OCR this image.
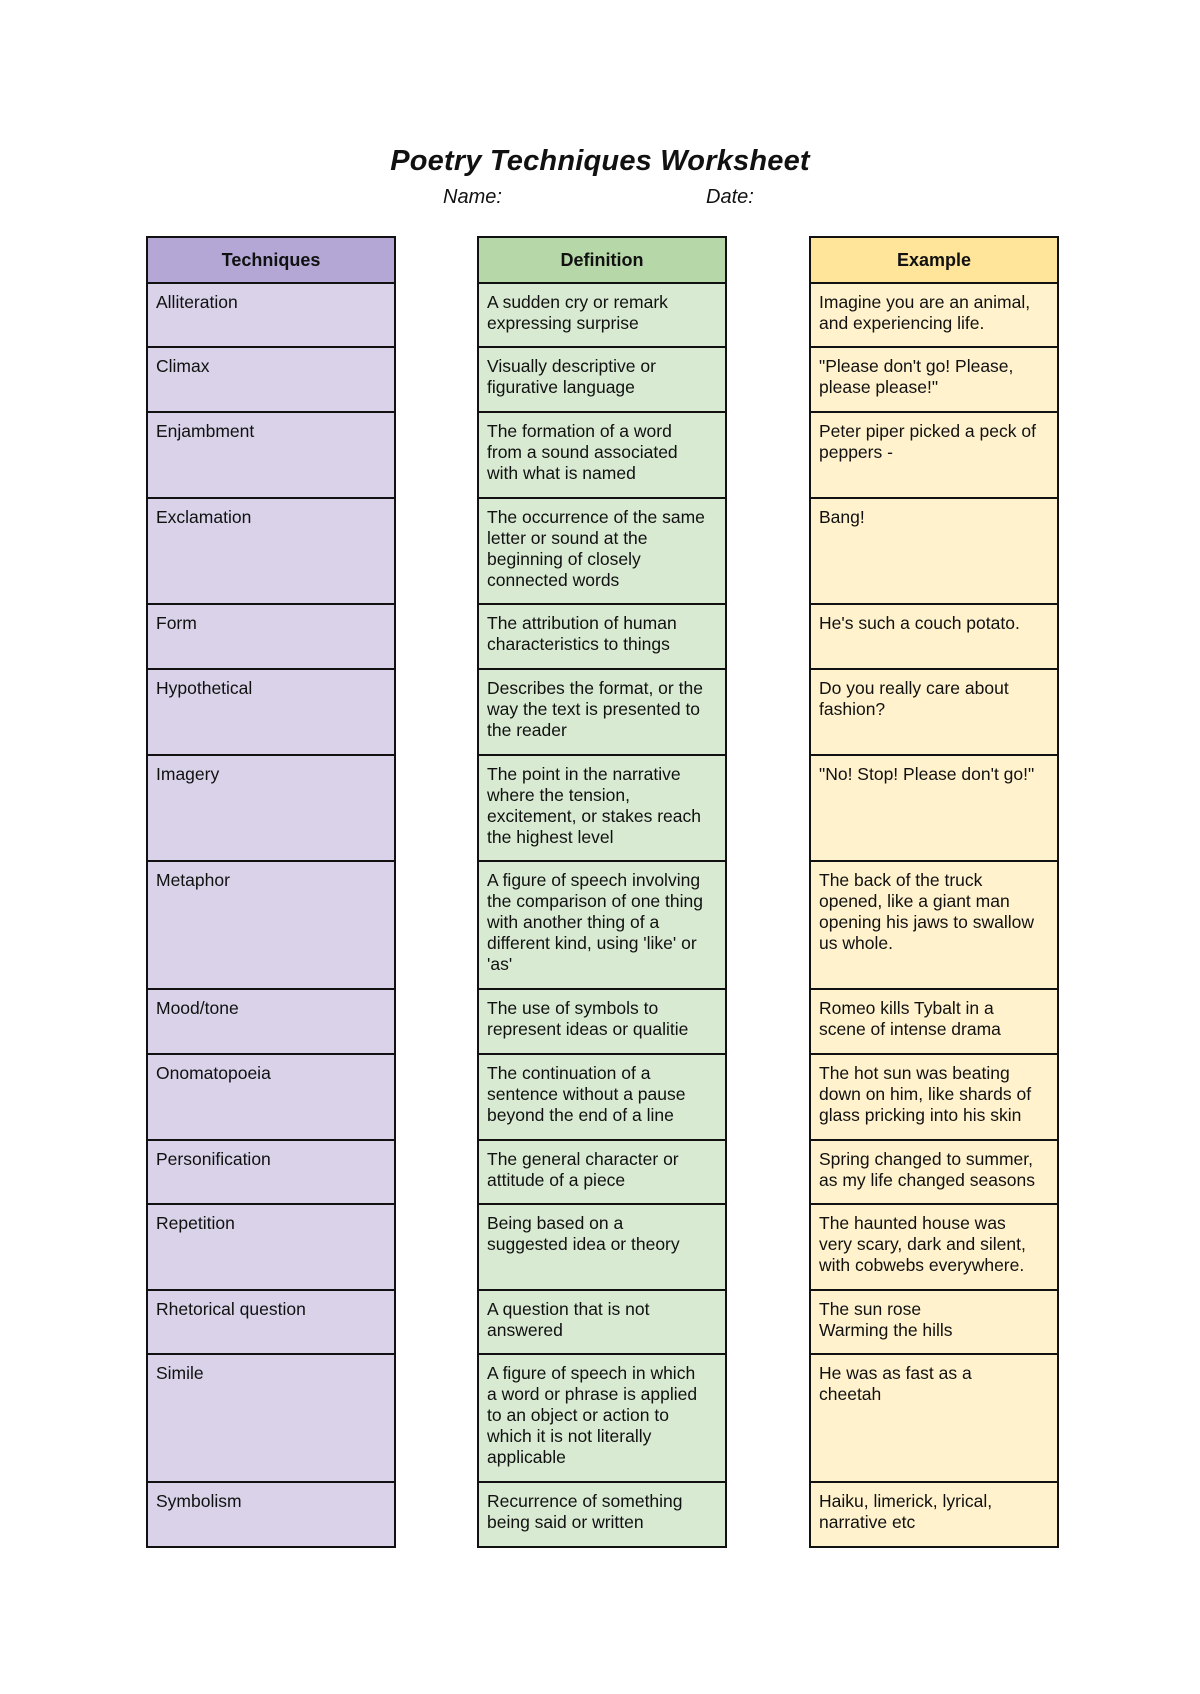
Poetry Techniques Worksheet
Name:	Date:
Techniques
Alliteration
Climax
Enjambment
Exclamation
Form
Hypothetical
Imagery
Metaphor
Mood/tone
Onomatopoeia
Personification
Repetition
Rhetorical question
Simile
Symbolism
Definition
A sudden cry or remark
expressing surprise
Visually descriptive or
figurative language
The formation of a word
from a sound associated
with what is named
The occurrence of the same
letter or sound at the
beginning of closely
connected words
The attribution of human
characteristics to things
Describes the format, or the
way the text is presented to
the reader
The point in the narrative
where the tension,
excitement, or stakes reach
the highest level
A figure of speech involving
the comparison of one thing
with another thing of a
different kind, using 'like' or
'as'
The use of symbols to
represent ideas or qualitie
The continuation of a
sentence without a pause
beyond the end of a line
The general character or
attitude of a piece
Being based on a
suggested idea or theory
A question that is not
answered
A figure of speech in which
a word or phrase is applied
to an object or action to
which it is not literally
applicable
Recurrence of something
being said or written
Example
Imagine you are an animal,
and experiencing life.
"Please don't go! Please,
please please!"
Peter piper picked a peck of
peppers -
Bang!
He's such a couch potato.
Do you really care about
fashion?
"No! Stop! Please don't go!"
The back of the truck
opened, like a giant man
opening his jaws to swallow
us whole.
Romeo kills Tybalt in a
scene of intense drama
The hot sun was beating
down on him, like shards of
glass pricking into his skin
Spring changed to summer,
as my life changed seasons
The haunted house was
very scary, dark and silent,
with cobwebs everywhere.
The sun rose
Warming the hills
He was as fast as a
cheetah
Haiku, limerick, lyrical,
narrative etc
